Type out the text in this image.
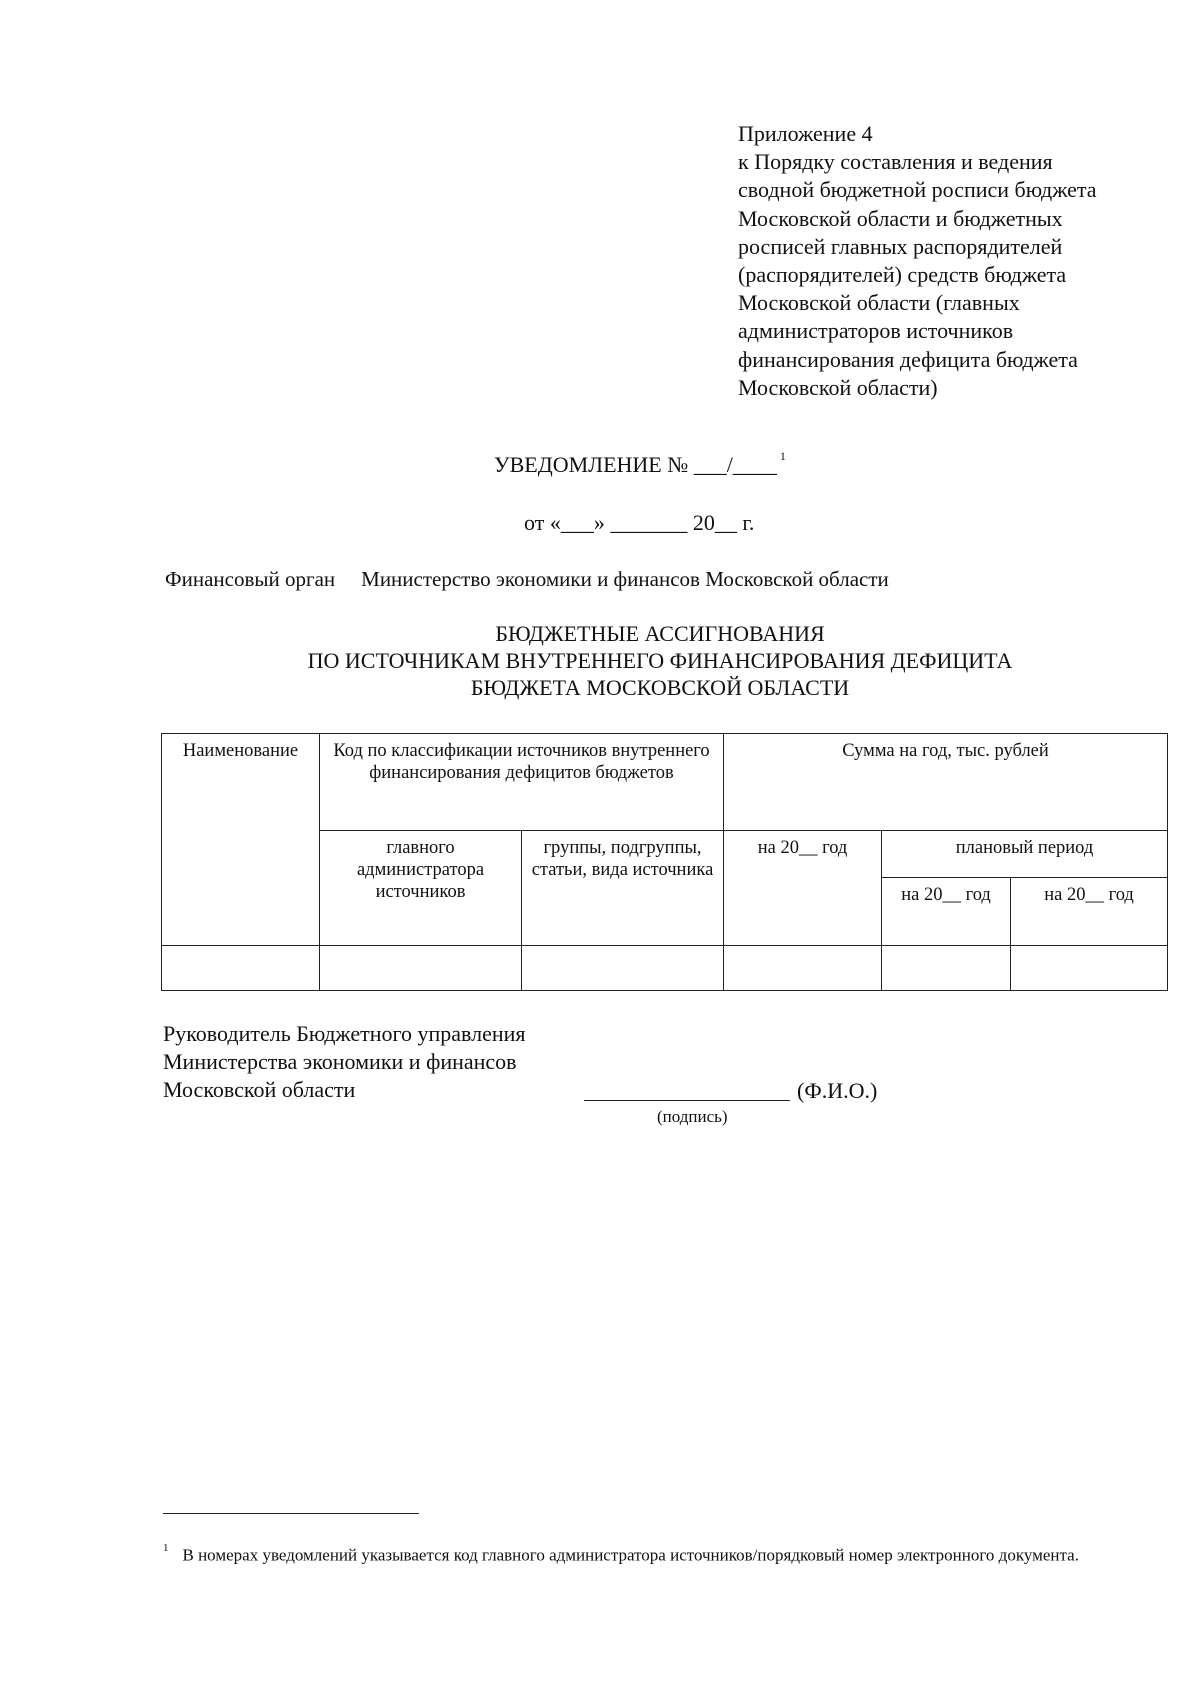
Приложение 4
к Порядку составления и ведения
сводной бюджетной росписи бюджета
Московской области и бюджетных
росписей главных распорядителей
(распорядителей) средств бюджета
Московской области (главных
администраторов источников
финансирования дефицита бюджета
Московской области)
УВЕДОМЛЕНИЕ № ___/____ $^1$
от «___» _______ 20__ г.
Финансовый орган Министерство экономики и финансов Московской области
БЮДЖЕТНЫЕ АССИГНОВАНИЯ
ПО ИСТОЧНИКАМ ВНУТРЕННЕГО ФИНАНСИРОВАНИЯ ДЕФИЦИТА
БЮДЖЕТА МОСКОВСКОЙ ОБЛАСТИ
Наименование	Код по классификации источников внутреннего финансирования дефицитов бюджетов		Сумма на год, тыс. рублей		
	главного администратора источников	группы, подгруппы, статьи, вида источника	на 20__ год	плановый период	
				на 20__ год	на 20__ год

Руководитель Бюджетного управления
Министерства экономики и финансов
Московской области	(Ф.И.О.)
(подпись)
$^1$ В номерах уведомлений указывается код главного администратора источников/порядковый номер электронного документа.
